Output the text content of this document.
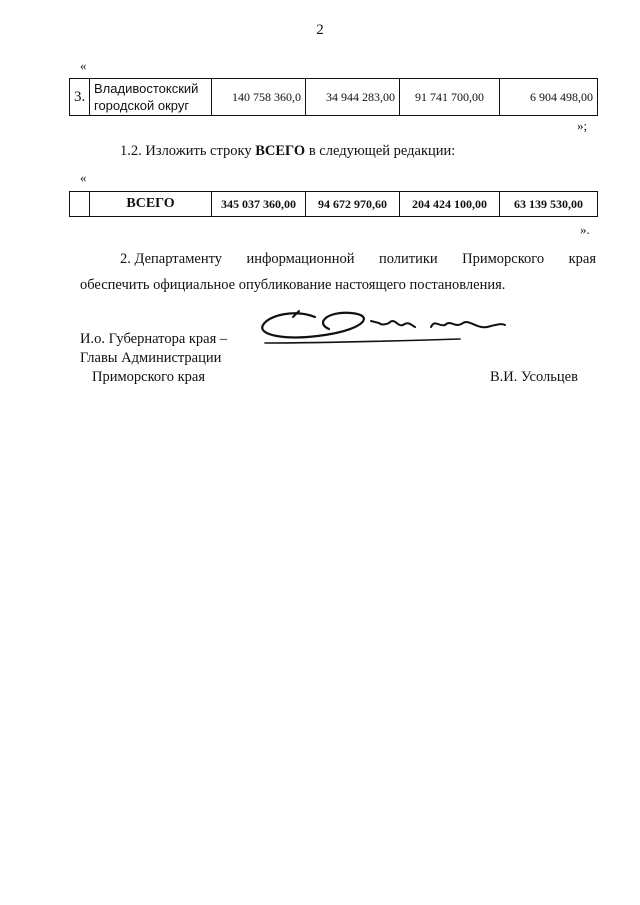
2
«
3.	Владивостокский городской округ	140 758 360,0	34 944 283,00	91 741 700,00	6 904 498,00
»;
1.2. Изложить строку ВСЕГО в следующей редакции:
«
	ВСЕГО	345 037 360,00	94 672 970,60	204 424 100,00	63 139 530,00
».
2. Департаменту информационной политики Приморского края
обеспечить официальное опубликование настоящего постановления.
И.о. Губернатора края –
Главы Администрации
Приморского края	В.И. Усольцев
